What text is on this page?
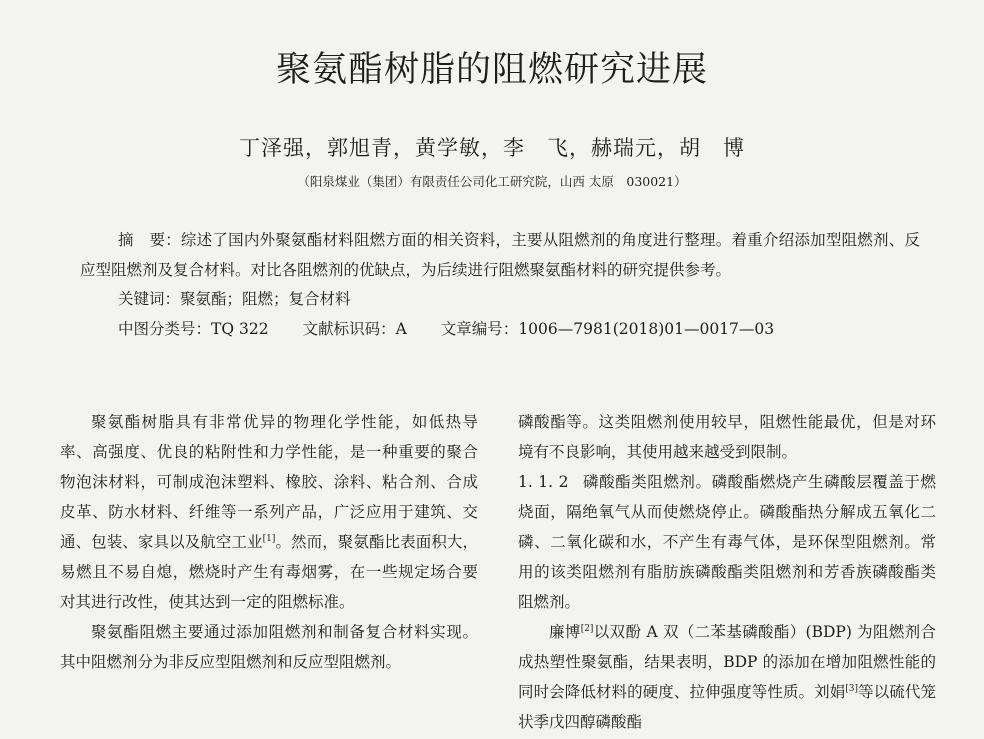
聚氨酯树脂的阻燃研究进展
丁泽强，郭旭青，黄学敏，李　飞，赫瑞元，胡　博
（阳泉煤业（集团）有限责任公司化工研究院，山西 太原　030021）

摘　要：综述了国内外聚氨酯材料阻燃方面的相关资料，主要从阻燃剂的角度进行整理。着重介绍添加型阻燃剂、反应型阻燃剂及复合材料。对比各阻燃剂的优缺点，为后续进行阻燃聚氨酯材料的研究提供参考。

关键词：聚氨酯；阻燃；复合材料

中图分类号：TQ 322 文献标识码：A 文章编号：1006—7981(2018)01—0017—03

聚氨酯树脂具有非常优异的物理化学性能，如低热导率、高强度、优良的粘附性和力学性能，是一种重要的聚合物泡沫材料，可制成泡沫塑料、橡胶、涂料、粘合剂、合成皮革、防水材料、纤维等一系列产品，广泛应用于建筑、交通、包装、家具以及航空工业[1]。然而，聚氨酯比表面积大，易燃且不易自熄，燃烧时产生有毒烟雾，在一些规定场合要对其进行改性，使其达到一定的阻燃标准。

聚氨酯阻燃主要通过添加阻燃剂和制备复合材料实现。其中阻燃剂分为非反应型阻燃剂和反应型阻燃剂。

磷酸酯等。这类阻燃剂使用较早，阻燃性能最优，但是对环境有不良影响，其使用越来越受到限制。

1. 1. 2 磷酸酯类阻燃剂。磷酸酯燃烧产生磷酸层覆盖于燃烧面，隔绝氧气从而使燃烧停止。磷酸酯热分解成五氧化二磷、二氧化碳和水，不产生有毒气体，是环保型阻燃剂。常用的该类阻燃剂有脂肪族磷酸酯类阻燃剂和芳香族磷酸酯类阻燃剂。

廉博[2]以双酚 A 双（二苯基磷酸酯）(BDP) 为阻燃剂合成热塑性聚氨酯，结果表明，BDP 的添加在增加阻燃性能的同时会降低材料的硬度、拉伸强度等性质。刘娟[3]等以硫代笼状季戊四醇磷酸酯
